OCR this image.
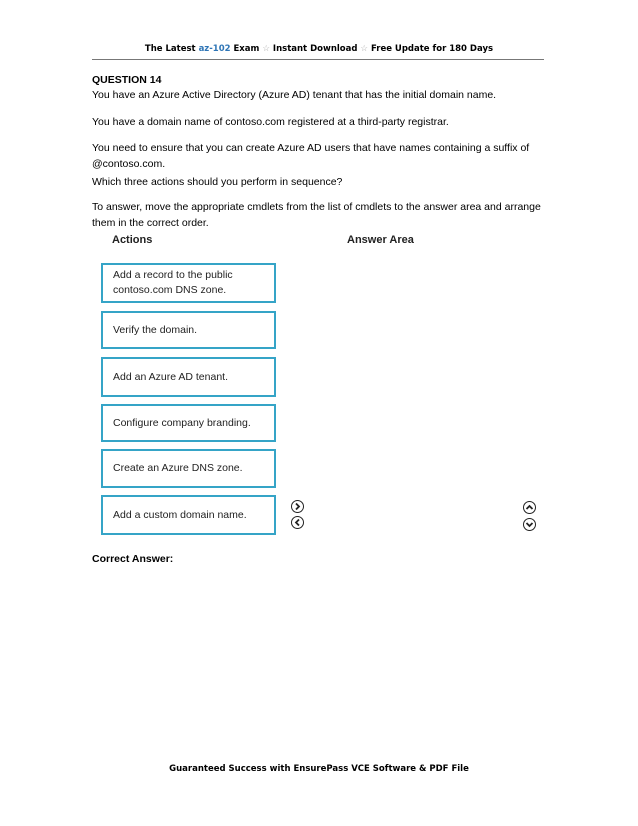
The Latest az-102 Exam ☆ Instant Download ☆ Free Update for 180 Days
QUESTION 14
You have an Azure Active Directory (Azure AD) tenant that has the initial domain name.
You have a domain name of contoso.com registered at a third-party registrar.
You need to ensure that you can create Azure AD users that have names containing a suffix of @contoso.com.
Which three actions should you perform in sequence?
To answer, move the appropriate cmdlets from the list of cmdlets to the answer area and arrange them in the correct order.
Actions	Answer Area
Add a record to the public contoso.com DNS zone.
Verify the domain.
Add an Azure AD tenant.
Configure company branding.
Create an Azure DNS zone.
Add a custom domain name.
Correct Answer:
Guaranteed Success with EnsurePass VCE Software & PDF File
